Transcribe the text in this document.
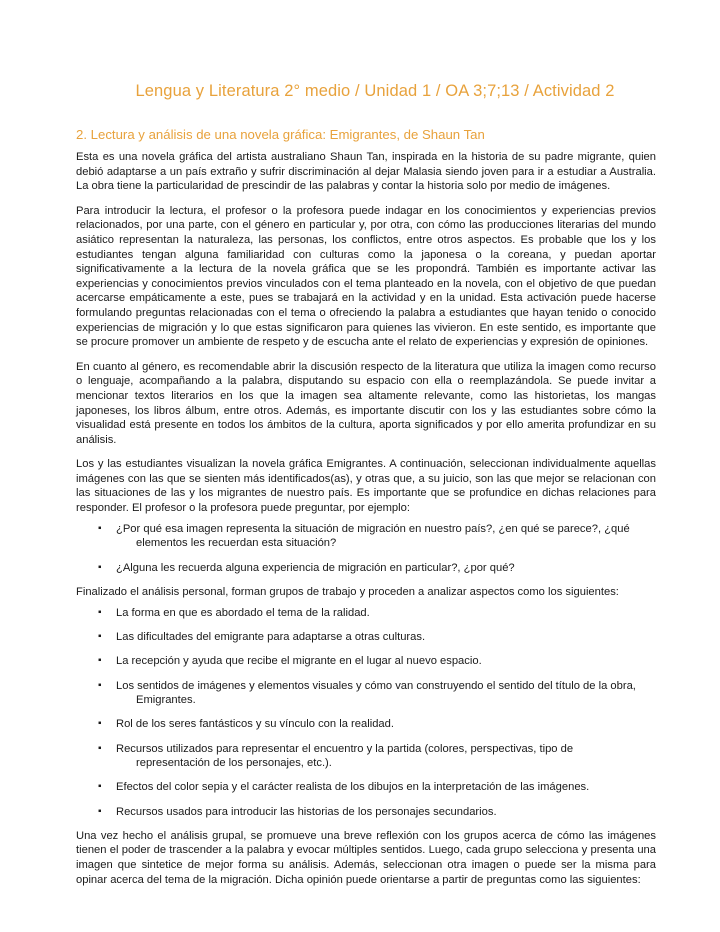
Lengua y Literatura 2° medio / Unidad 1 / OA 3;7;13 / Actividad 2
2. Lectura y análisis de una novela gráfica: Emigrantes, de Shaun Tan

Esta es una novela gráfica del artista australiano Shaun Tan, inspirada en la historia de su padre migrante, quien debió adaptarse a un país extraño y sufrir discriminación al dejar Malasia siendo joven para ir a estudiar a Australia. La obra tiene la particularidad de prescindir de las palabras y contar la historia solo por medio de imágenes.

Para introducir la lectura, el profesor o la profesora puede indagar en los conocimientos y experiencias previos relacionados, por una parte, con el género en particular y, por otra, con cómo las producciones literarias del mundo asiático representan la naturaleza, las personas, los conflictos, entre otros aspectos. Es probable que los y los estudiantes tengan alguna familiaridad con culturas como la japonesa o la coreana, y puedan aportar significativamente a la lectura de la novela gráfica que se les propondrá. También es importante activar las experiencias y conocimientos previos vinculados con el tema planteado en la novela, con el objetivo de que puedan acercarse empáticamente a este, pues se trabajará en la actividad y en la unidad. Esta activación puede hacerse formulando preguntas relacionadas con el tema o ofreciendo la palabra a estudiantes que hayan tenido o conocido experiencias de migración y lo que estas significaron para quienes las vivieron. En este sentido, es importante que se procure promover un ambiente de respeto y de escucha ante el relato de experiencias y expresión de opiniones.

En cuanto al género, es recomendable abrir la discusión respecto de la literatura que utiliza la imagen como recurso o lenguaje, acompañando a la palabra, disputando su espacio con ella o reemplazándola. Se puede invitar a mencionar textos literarios en los que la imagen sea altamente relevante, como las historietas, los mangas japoneses, los libros álbum, entre otros. Además, es importante discutir con los y las estudiantes sobre cómo la visualidad está presente en todos los ámbitos de la cultura, aporta significados y por ello amerita profundizar en su análisis.

Los y las estudiantes visualizan la novela gráfica Emigrantes. A continuación, seleccionan individualmente aquellas imágenes con las que se sienten más identificados(as), y otras que, a su juicio, son las que mejor se relacionan con las situaciones de las y los migrantes de nuestro país. Es importante que se profundice en dichas relaciones para responder. El profesor o la profesora puede preguntar, por ejemplo:

▪ ¿Por qué esa imagen representa la situación de migración en nuestro país?, ¿en qué se parece?, ¿qué
elementos les recuerdan esta situación?
▪ ¿Alguna les recuerda alguna experiencia de migración en particular?, ¿por qué?

Finalizado el análisis personal, forman grupos de trabajo y proceden a analizar aspectos como los siguientes:

▪ La forma en que es abordado el tema de la ralidad.
▪ Las dificultades del emigrante para adaptarse a otras culturas.
▪ La recepción y ayuda que recibe el migrante en el lugar al nuevo espacio.
▪ Los sentidos de imágenes y elementos visuales y cómo van construyendo el sentido del título de la obra,
Emigrantes.
▪ Rol de los seres fantásticos y su vínculo con la realidad.
▪ Recursos utilizados para representar el encuentro y la partida (colores, perspectivas, tipo de
representación de los personajes, etc.).
▪ Efectos del color sepia y el carácter realista de los dibujos en la interpretación de las imágenes.
▪ Recursos usados para introducir las historias de los personajes secundarios.

Una vez hecho el análisis grupal, se promueve una breve reflexión con los grupos acerca de cómo las imágenes tienen el poder de trascender a la palabra y evocar múltiples sentidos. Luego, cada grupo selecciona y presenta una imagen que sintetice de mejor forma su análisis. Además, seleccionan otra imagen o puede ser la misma para opinar acerca del tema de la migración. Dicha opinión puede orientarse a partir de preguntas como las siguientes:
